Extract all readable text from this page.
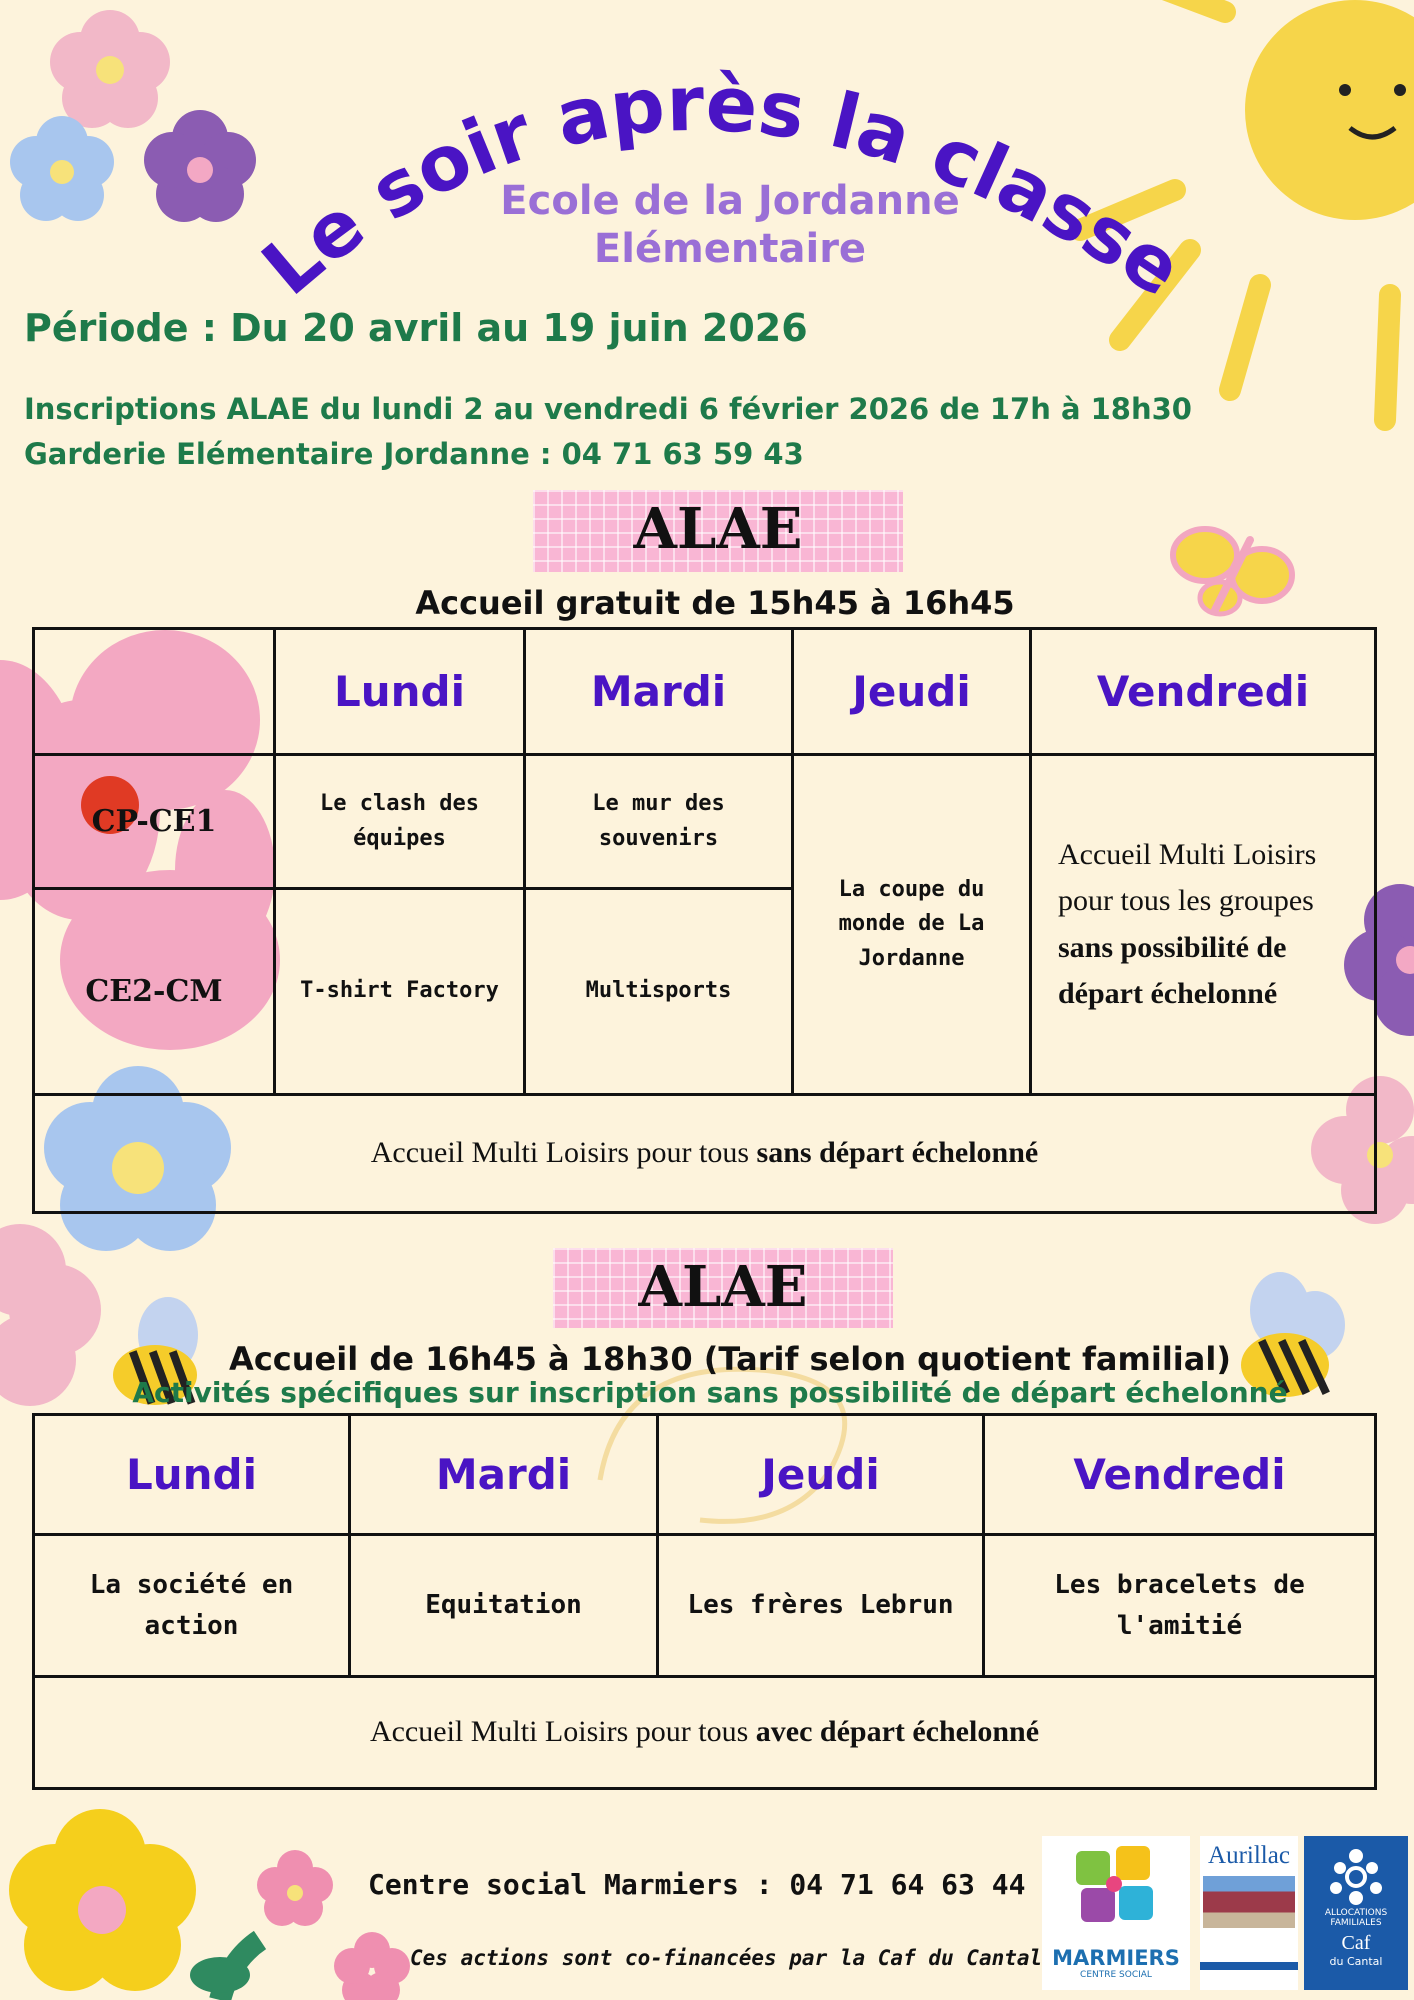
Le soir après la classe
Ecole de la Jordanne
Elémentaire
Période : Du 20 avril au 19 juin 2026
Inscriptions ALAE du lundi 2 au vendredi 6 février 2026 de 17h à 18h30
Garderie Elémentaire Jordanne : 04 71 63 59 43
ALAE
Accueil gratuit de 15h45 à 16h45
	Lundi	Mardi	Jeudi	Vendredi

CP-CE1	Le clash des équipes	Le mur des souvenirs	La coupe du monde de La Jordanne	Accueil Multi Loisirs pour tous les groupes sans possibilité de départ échelonné
CE2-CM	T-shirt Factory	Multisports		
Accueil Multi Loisirs pour tous sans départ échelonné				
ALAE
Accueil de 16h45 à 18h30 (Tarif selon quotient familial)
Activités spécifiques sur inscription sans possibilité de départ échelonné
Lundi	Mardi	Jeudi	Vendredi
La société en action	Equitation	Les frères Lebrun	Les bracelets de l'amitié
Accueil Multi Loisirs pour tous avec départ échelonné			
Centre social Marmiers : 04 71 64 63 44
Ces actions sont co-financées par la Caf du Cantal MARMIERS
CENTRE SOCIAL
Aurillac
ALLOCATIONS
FAMILIALES
Caf
du Cantal
